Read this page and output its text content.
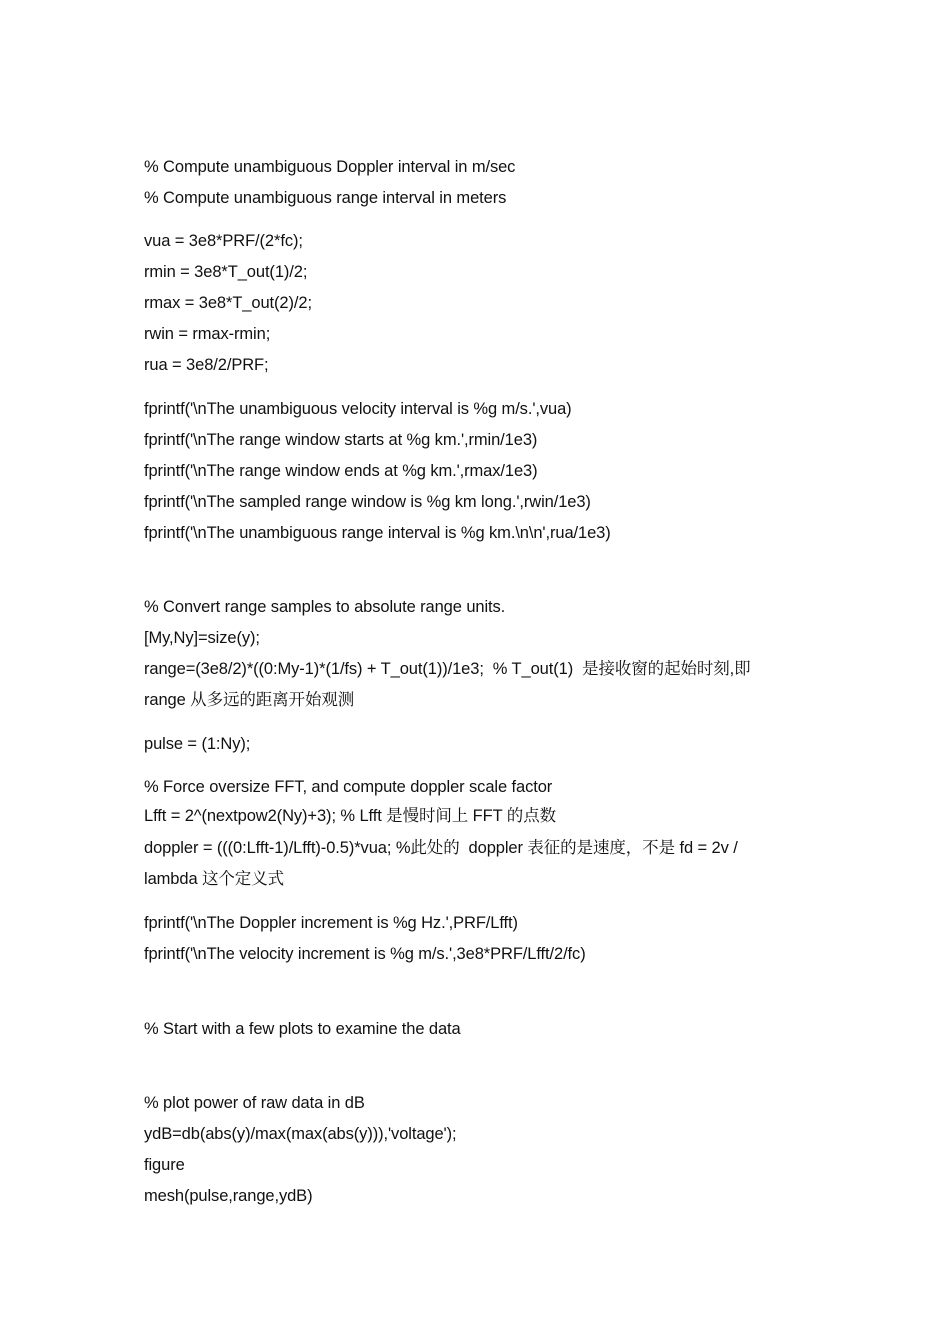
% Compute unambiguous Doppler interval in m/sec
% Compute unambiguous range interval in meters
vua = 3e8*PRF/(2*fc);
rmin = 3e8*T_out(1)/2;
rmax = 3e8*T_out(2)/2;
rwin = rmax-rmin;
rua = 3e8/2/PRF;
fprintf('\nThe unambiguous velocity interval is %g m/s.',vua)
fprintf('\nThe range window starts at %g km.',rmin/1e3)
fprintf('\nThe range window ends at %g km.',rmax/1e3)
fprintf('\nThe sampled range window is %g km long.',rwin/1e3)
fprintf('\nThe unambiguous range interval is %g km.\n\n',rua/1e3)
% Convert range samples to absolute range units.
[My,Ny]=size(y);
range=(3e8/2)*((0:My-1)*(1/fs) + T_out(1))/1e3;  % T_out(1)  是接收窗的起始时刻,即
range 从多远的距离开始观测
pulse = (1:Ny);
% Force oversize FFT, and compute doppler scale factor
Lfft = 2^(nextpow2(Ny)+3); % Lfft 是慢时间上 FFT 的点数
doppler = (((0:Lfft-1)/Lfft)-0.5)*vua; %此处的  doppler 表征的是速度，不是 fd = 2v /
lambda 这个定义式
fprintf('\nThe Doppler increment is %g Hz.',PRF/Lfft)
fprintf('\nThe velocity increment is %g m/s.',3e8*PRF/Lfft/2/fc)
% Start with a few plots to examine the data
% plot power of raw data in dB
ydB=db(abs(y)/max(max(abs(y))),'voltage');
figure
mesh(pulse,range,ydB)
